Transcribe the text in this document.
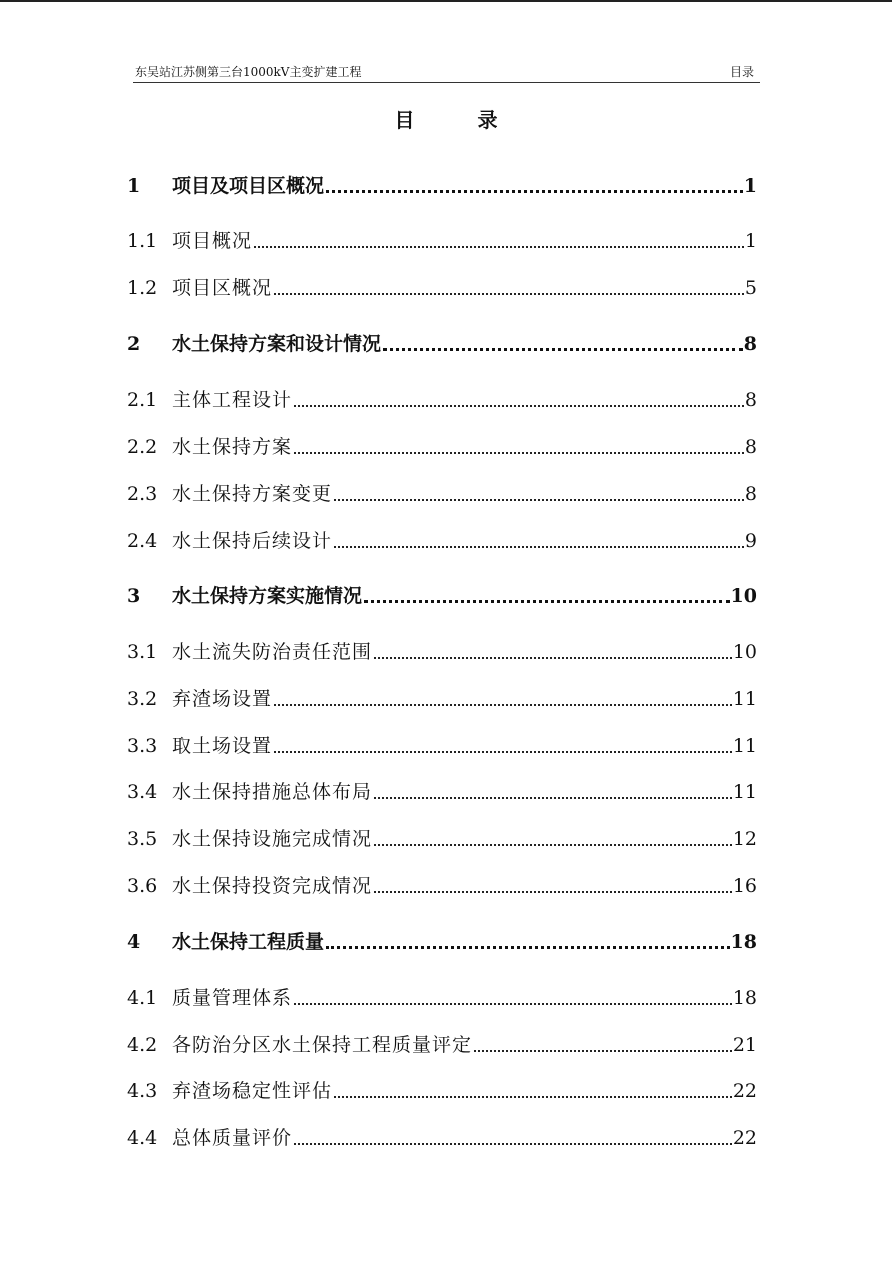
东吴站江苏侧第三台1000kV主变扩建工程	目录
目 录
1	项目及项目区概况	1
1.1 项目概况	1
1.2 项目区概况	5
2	水土保持方案和设计情况	8
2.1 主体工程设计	8
2.2 水土保持方案	8
2.3 水土保持方案变更	8
2.4 水土保持后续设计	9
3	水土保持方案实施情况	10
3.1 水土流失防治责任范围	10
3.2 弃渣场设置	11
3.3 取土场设置	11
3.4 水土保持措施总体布局	11
3.5 水土保持设施完成情况	12
3.6 水土保持投资完成情况	16
4	水土保持工程质量	18
4.1 质量管理体系	18
4.2 各防治分区水土保持工程质量评定	21
4.3 弃渣场稳定性评估	22
4.4 总体质量评价	22
